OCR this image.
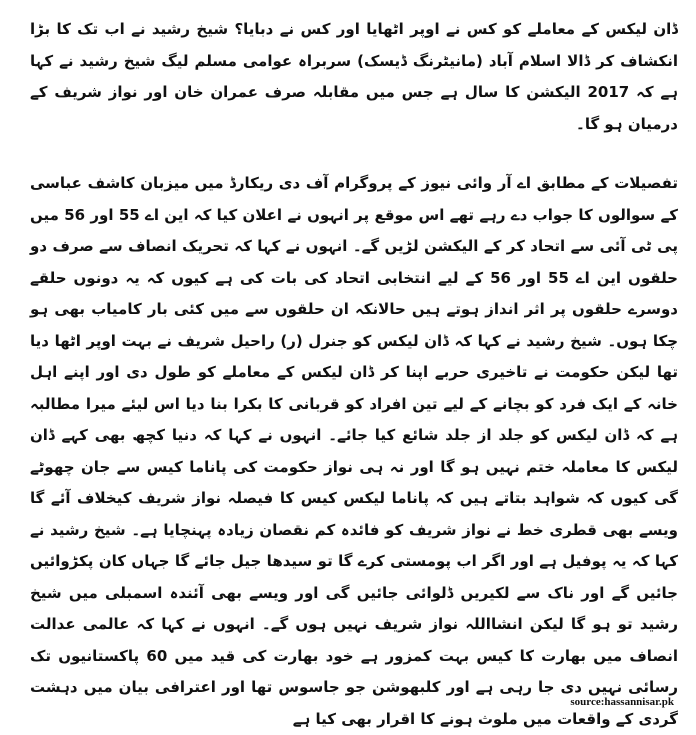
ڈان لیکس کے معاملے کو کس نے اوپر اٹھایا اور کس نے دبایا؟ شیخ رشید نے اب تک کا بڑا انکشاف کر ڈالا اسلام آباد (مانیٹرنگ ڈیسک) سربراہ عوامی مسلم لیگ شیخ رشید نے کہا ہے کہ 2017 الیکشن کا سال ہے جس میں مقابلہ صرف عمران خان اور نواز شریف کے درمیان ہو گا۔

تفصیلات کے مطابق اے آر وائی نیوز کے پروگرام آف دی ریکارڈ میں میزبان کاشف عباسی کے سوالوں کا جواب دے رہے تھے اس موقع پر انہوں نے اعلان کیا کہ این اے 55 اور 56 میں پی ٹی آئی سے اتحاد کر کے الیکشن لڑیں گے۔ انہوں نے کہا کہ تحریک انصاف سے صرف دو حلقوں این اے 55 اور 56 کے لیے انتخابی اتحاد کی بات کی ہے کیوں کہ یہ دونوں حلقے دوسرے حلقوں پر اثر انداز ہوتے ہیں حالانکہ ان حلقوں سے میں کئی بار کامیاب بھی ہو چکا ہوں۔ شیخ رشید نے کہا کہ ڈان لیکس کو جنرل (ر) راحیل شریف نے بہت اوپر اٹھا دیا تھا لیکن حکومت نے تاخیری حربے اپنا کر ڈان لیکس کے معاملے کو طول دی اور اپنے اہل خانہ کے ایک فرد کو بچانے کے لیے تین افراد کو قربانی کا بکرا بنا دیا اس لیئے میرا مطالبہ ہے کہ ڈان لیکس کو جلد از جلد شائع کیا جائے۔ انہوں نے کہا کہ دنیا کچھ بھی کہے ڈان لیکس کا معاملہ ختم نہیں ہو گا اور نہ ہی نواز حکومت کی پاناما کیس سے جان چھوٹے گی کیوں کہ شواہد بتاتے ہیں کہ پاناما لیکس کیس کا فیصلہ نواز شریف کیخلاف آئے گا ویسے بھی قطری خط نے نواز شریف کو فائدہ کم نقصان زیادہ پہنچایا ہے۔ شیخ رشید نے کہا کہ یہ پوفیل ہے اور اگر اب پومستی کرے گا تو سیدھا جیل جائے گا جہاں کان پکڑوائیں جائیں گے اور ناک سے لکیریں ڈلوائی جائیں گی اور ویسے بھی آئندہ اسمبلی میں شیخ رشید تو ہو گا لیکن انشااللہ نواز شریف نہیں ہوں گے۔ انہوں نے کہا کہ عالمی عدالت انصاف میں بھارت کا کیس بہت کمزور ہے خود بھارت کی قید میں 60 پاکستانیوں تک رسائی نہیں دی جا رہی ہے اور کلبھوشن جو جاسوس تھا اور اعترافی بیان میں دہشت گردی کے واقعات میں ملوث ہونے کا اقرار بھی کیا ہے

source:hassannisar.pk
